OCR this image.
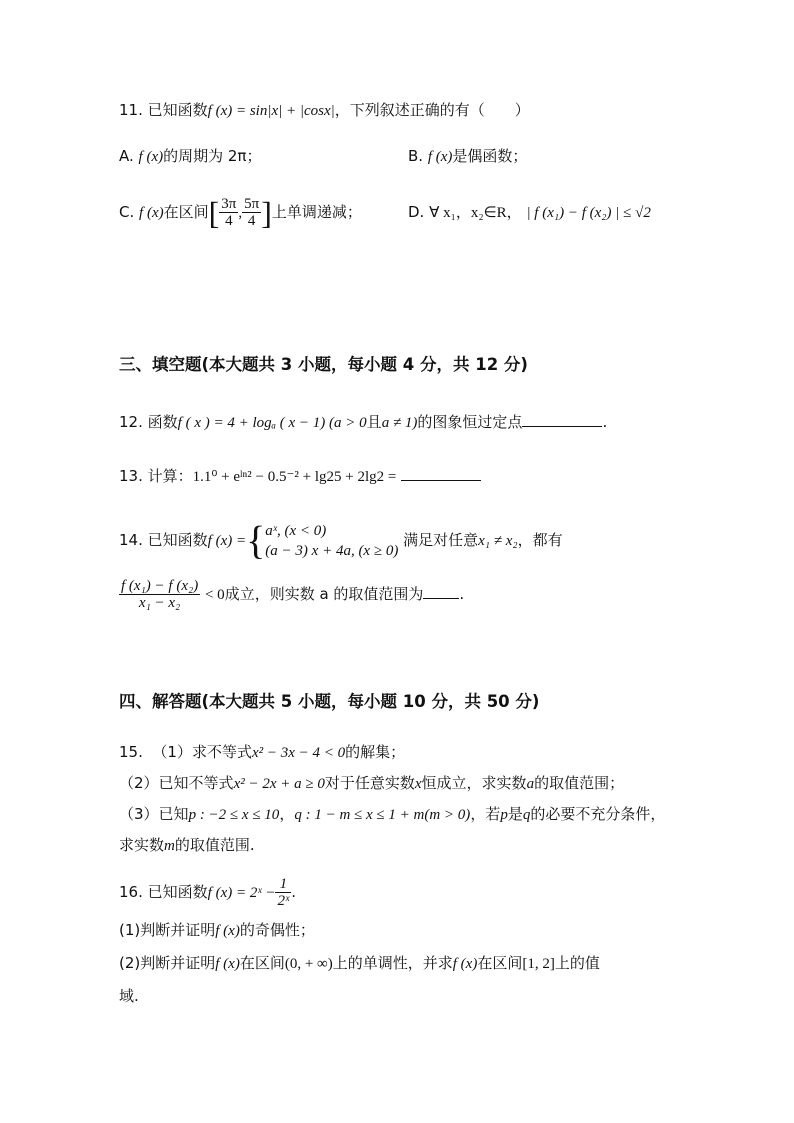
11. 已知函数f (x) = sin|x| + |cosx|，下列叙述正确的有（　　）
A. f (x)的周期为 2π；	B. f (x)是偶函数；
C. f (x)在区间[ $\frac{3\pi}{4}$ , $\frac{5\pi}{4}$ ]上单调递减；	D. ∀ x₁，x₂∈R， | f (x₁) − f (x₂) | ≤ √2
三、填空题(本大题共 3 小题，每小题 4 分，共 12 分)
12. 函数f ( x ) = 4 + logₐ ( x − 1) (a > 0且a ≠ 1)的图象恒过定点	.
13. 计算：1.1⁰ + eˡⁿ² − 0.5⁻² + lg25 + 2lg2 =
14. 已知函数f (x) ={ aˣ, (x < 0)
(a − 3) x + 4a, (x ≥ 0)
满足对任意x₁ ≠ x₂，都有
$\frac{\text{f (x₁) − f (x₂)}}{\text{x₁ − x₂}} < 0$成立，则实数 a 的取值范围为 .
四、解答题(本大题共 5 小题，每小题 10 分，共 50 分)
15. （1）求不等式x² − 3x − 4 < 0的解集；
（2）已知不等式x² − 2x + a ≥ 0对于任意实数x恒成立，求实数a的取值范围；
（3）已知p : −2 ≤ x ≤ 10，q : 1 − m ≤ x ≤ 1 + m(m > 0)，若p是q的必要不充分条件，
求实数m的取值范围.
16. 已知函数f (x) = 2ˣ − $\frac{1}{\text{2ˣ}}$ .
(1)判断并证明f (x)的奇偶性；
(2)判断并证明f (x)在区间(0, + ∞)上的单调性，并求f (x)在区间[1, 2]上的值
域.
